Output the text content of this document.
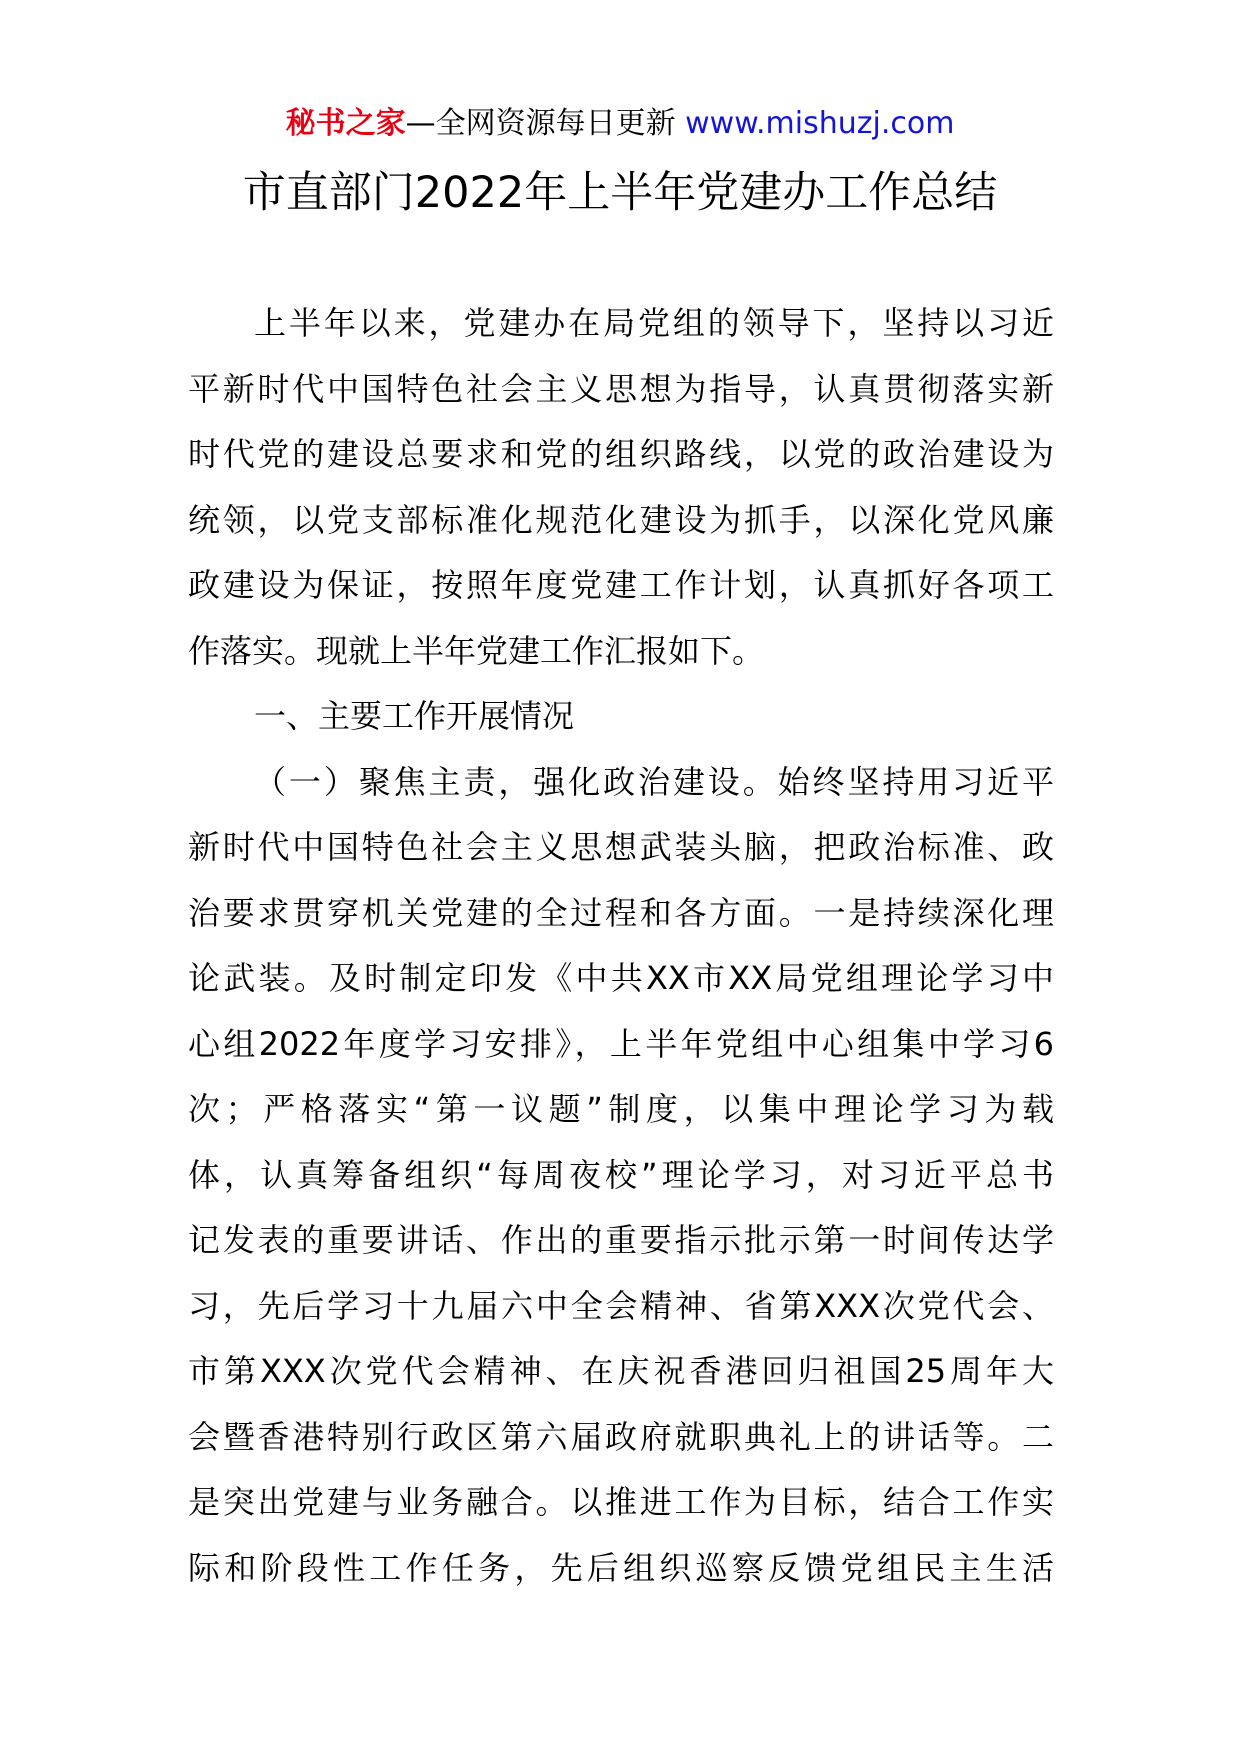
秘书之家—全网资源每日更新 www.mishuzj.com
市直部门2022年上半年党建办工作总结
上半年以来，党建办在局党组的领导下，坚持以习近
平新时代中国特色社会主义思想为指导，认真贯彻落实新
时代党的建设总要求和党的组织路线，以党的政治建设为
统领，以党支部标准化规范化建设为抓手，以深化党风廉
政建设为保证，按照年度党建工作计划，认真抓好各项工
作落实。现就上半年党建工作汇报如下。
一、主要工作开展情况
（一）聚焦主责，强化政治建设。始终坚持用习近平
新时代中国特色社会主义思想武装头脑，把政治标准、政
治要求贯穿机关党建的全过程和各方面。一是持续深化理
论武装。及时制定印发《中共XX市XX局党组理论学习中
心组2022年度学习安排》，上半年党组中心组集中学习6
次；严格落实“第一议题”制度，以集中理论学习为载
体，认真筹备组织“每周夜校”理论学习，对习近平总书
记发表的重要讲话、作出的重要指示批示第一时间传达学
习，先后学习十九届六中全会精神、省第XXX次党代会、
市第XXX次党代会精神、在庆祝香港回归祖国25周年大
会暨香港特别行政区第六届政府就职典礼上的讲话等。二
是突出党建与业务融合。以推进工作为目标，结合工作实
际和阶段性工作任务，先后组织巡察反馈党组民主生活
